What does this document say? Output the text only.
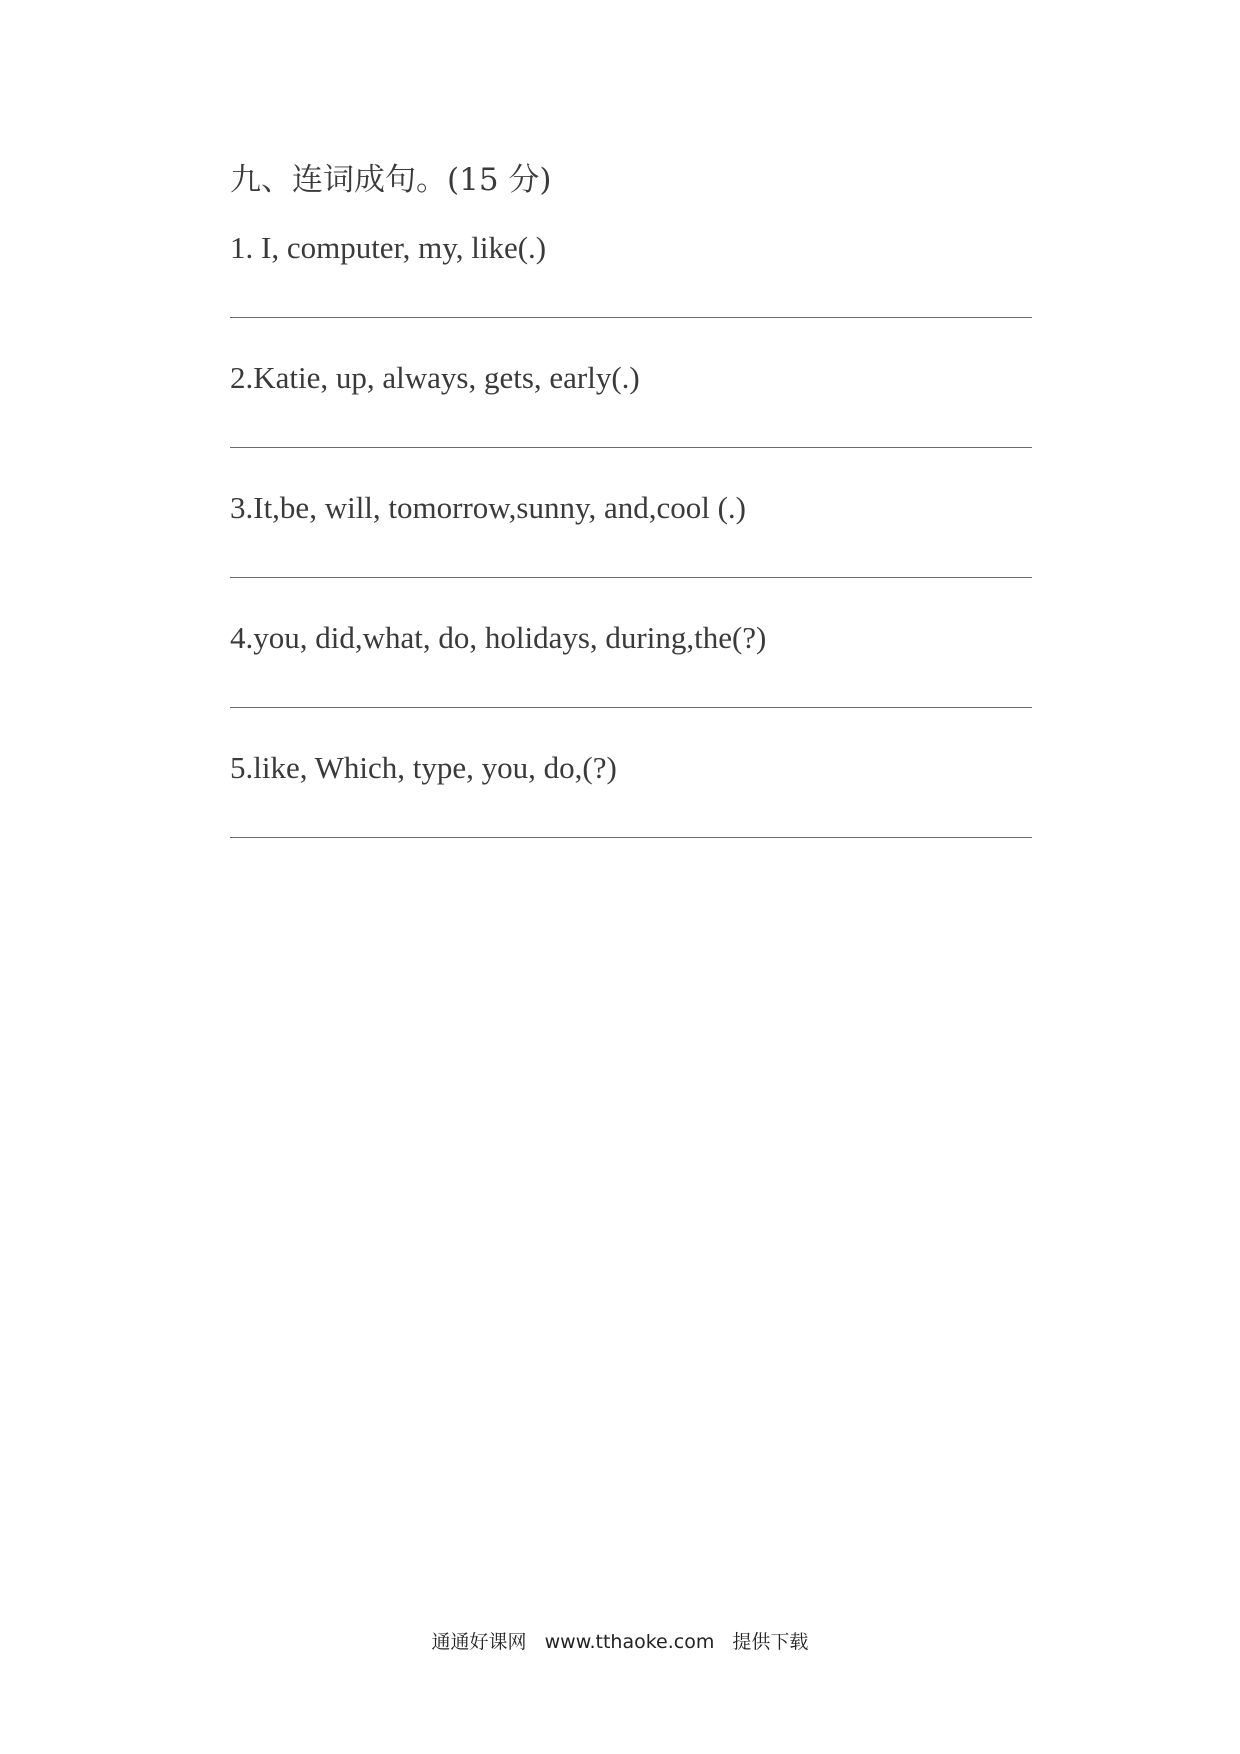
九、连词成句。(15 分)
1. I, computer, my, like(.)
2.Katie, up, always, gets, early(.)
3.It,be, will, tomorrow,sunny, and,cool (.)
4.you, did,what, do, holidays, during,the(?)
5.like, Which, type, you, do,(?)
通通好课网 www.tthaoke.com 提供下载
